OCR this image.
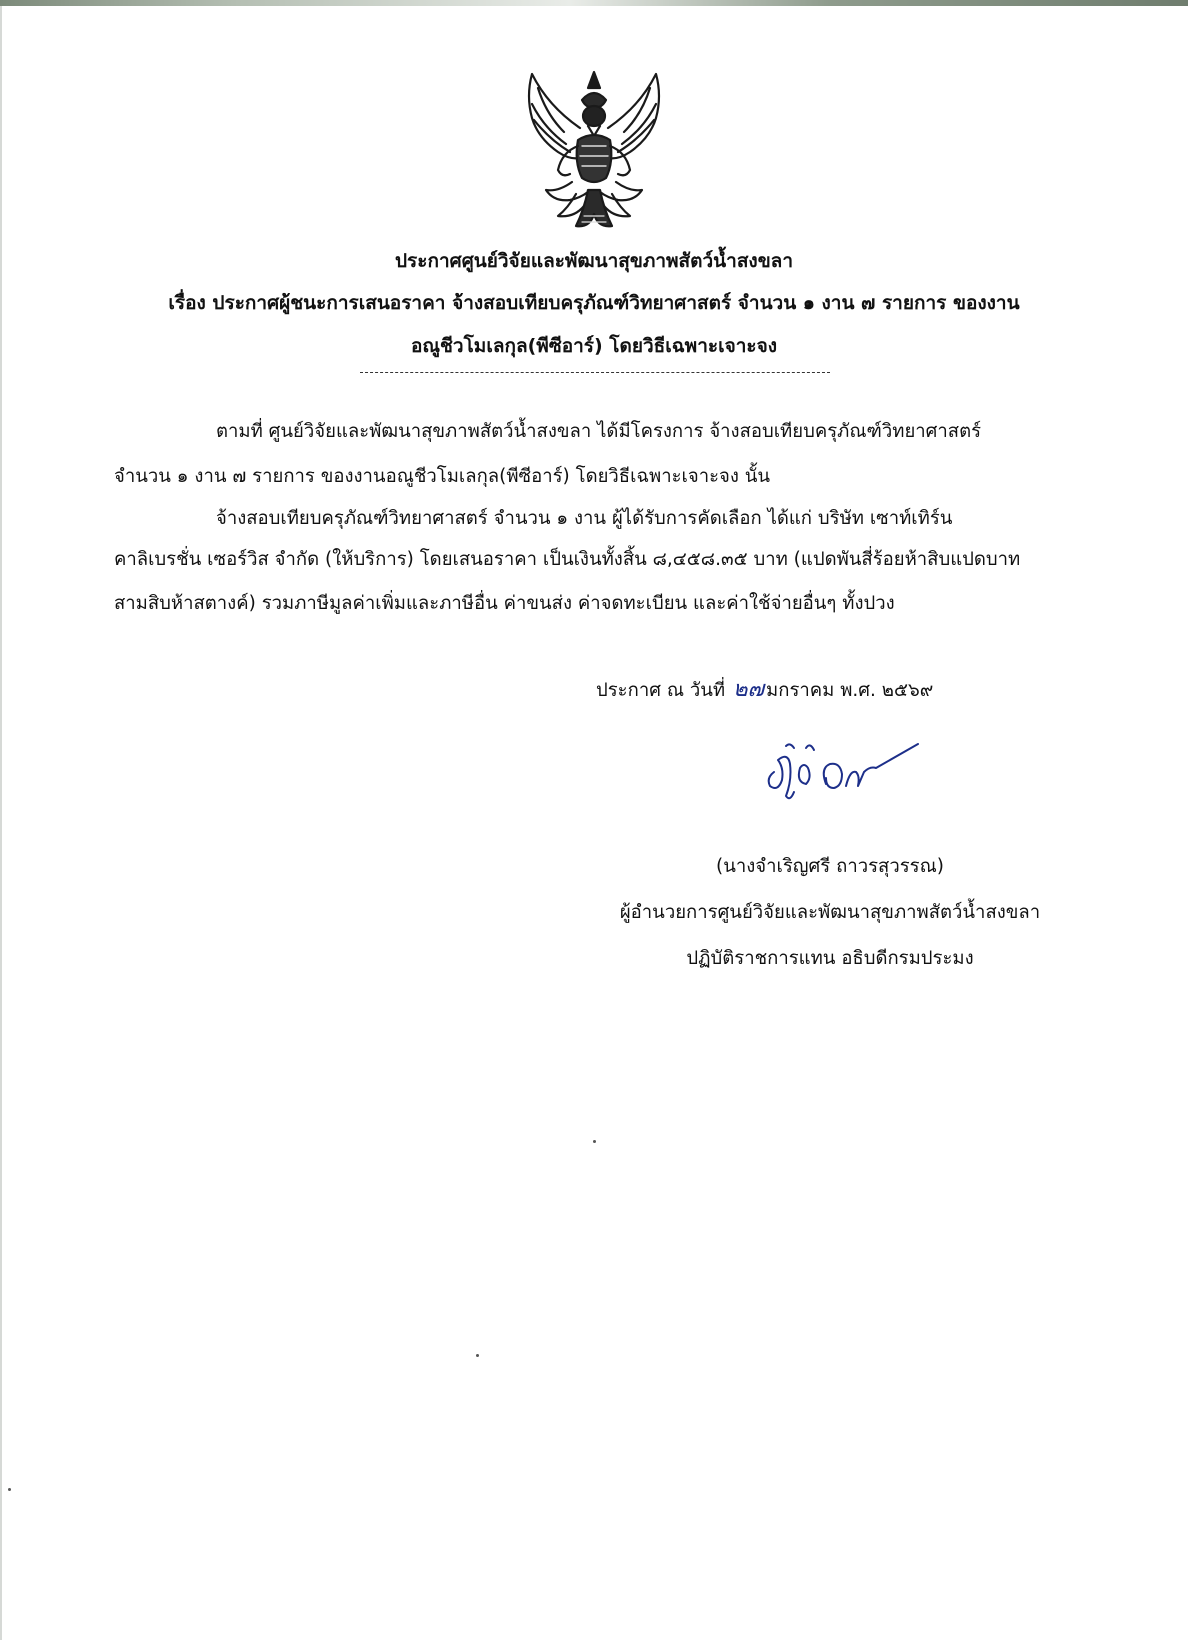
ประกาศศูนย์วิจัยและพัฒนาสุขภาพสัตว์น้ำสงขลา
เรื่อง ประกาศผู้ชนะการเสนอราคา จ้างสอบเทียบครุภัณฑ์วิทยาศาสตร์ จำนวน ๑ งาน ๗ รายการ ของงาน
อณูชีวโมเลกุล(พีซีอาร์) โดยวิธีเฉพาะเจาะจง
ตามที่ ศูนย์วิจัยและพัฒนาสุขภาพสัตว์น้ำสงขลา ได้มีโครงการ จ้างสอบเทียบครุภัณฑ์วิทยาศาสตร์
จำนวน ๑ งาน ๗ รายการ ของงานอณูชีวโมเลกุล(พีซีอาร์) โดยวิธีเฉพาะเจาะจง นั้น
จ้างสอบเทียบครุภัณฑ์วิทยาศาสตร์ จำนวน ๑ งาน ผู้ได้รับการคัดเลือก ได้แก่ บริษัท เซาท์เทิร์น
คาลิเบรชั่น เซอร์วิส จำกัด (ให้บริการ) โดยเสนอราคา เป็นเงินทั้งสิ้น ๘,๔๕๘.๓๕ บาท (แปดพันสี่ร้อยห้าสิบแปดบาท
สามสิบห้าสตางค์) รวมภาษีมูลค่าเพิ่มและภาษีอื่น ค่าขนส่ง ค่าจดทะเบียน และค่าใช้จ่ายอื่นๆ ทั้งปวง
ประกาศ ณ วันที่ ๒๗ มกราคม พ.ศ. ๒๕๖๙
(นางจำเริญศรี ถาวรสุวรรณ)
ผู้อำนวยการศูนย์วิจัยและพัฒนาสุขภาพสัตว์น้ำสงขลา
ปฏิบัติราชการแทน อธิบดีกรมประมง
